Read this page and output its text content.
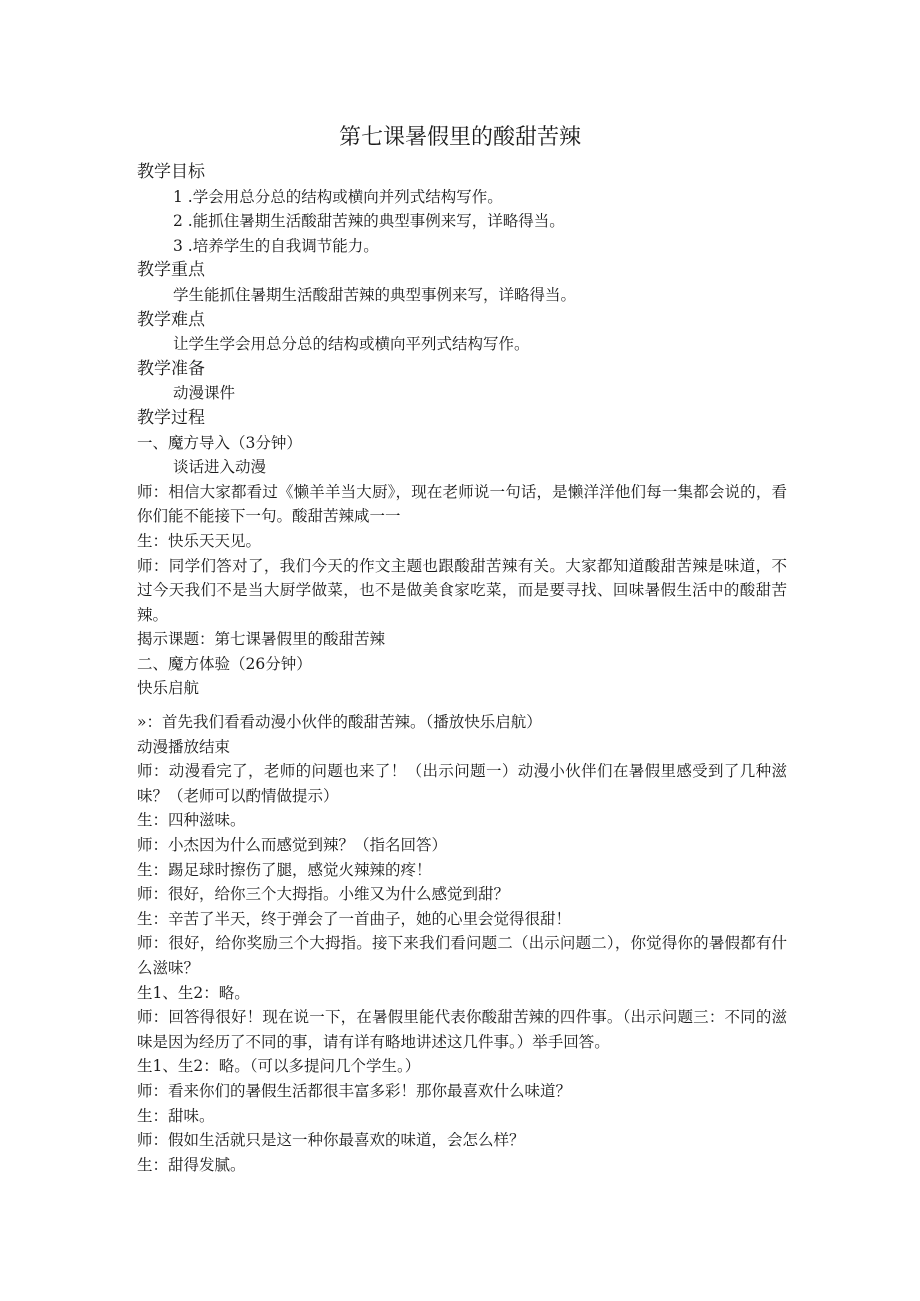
第七课暑假里的酸甜苦辣

教学目标

1 .学会用总分总的结构或横向并列式结构写作。

2 .能抓住暑期生活酸甜苦辣的典型事例来写，详略得当。

3 .培养学生的自我调节能力。

教学重点

学生能抓住暑期生活酸甜苦辣的典型事例来写，详略得当。

教学难点

让学生学会用总分总的结构或横向平列式结构写作。

教学准备

动漫课件

教学过程

一、魔方导入（3分钟）

谈话进入动漫

师：相信大家都看过《懒羊羊当大厨》，现在老师说一句话，是懒洋洋他们每一集都会说的，看你们能不能接下一句。酸甜苦辣咸一一

生：快乐天天见。

师：同学们答对了，我们今天的作文主题也跟酸甜苦辣有关。大家都知道酸甜苦辣是味道，不过今天我们不是当大厨学做菜，也不是做美食家吃菜，而是要寻找、回味暑假生活中的酸甜苦辣。

揭示课题：第七课暑假里的酸甜苦辣

二、魔方体验（26分钟）

快乐启航

»：首先我们看看动漫小伙伴的酸甜苦辣。（播放快乐启航）

动漫播放结束

师：动漫看完了，老师的问题也来了！（出示问题一）动漫小伙伴们在暑假里感受到了几种滋味？（老师可以酌情做提示）

生：四种滋味。

师：小杰因为什么而感觉到辣？（指名回答）

生：踢足球时擦伤了腿，感觉火辣辣的疼！

师：很好，给你三个大拇指。小维又为什么感觉到甜？

生：辛苦了半天，终于弹会了一首曲子，她的心里会觉得很甜！

师：很好，给你奖励三个大拇指。接下来我们看问题二（出示问题二），你觉得你的暑假都有什么滋味？

生1、生2：略。

师：回答得很好！现在说一下，在暑假里能代表你酸甜苦辣的四件事。（出示问题三：不同的滋味是因为经历了不同的事，请有详有略地讲述这几件事。）举手回答。

生1、生2：略。（可以多提问几个学生。）

师：看来你们的暑假生活都很丰富多彩！那你最喜欢什么味道？

生：甜味。

师：假如生活就只是这一种你最喜欢的味道，会怎么样？

生：甜得发腻。
